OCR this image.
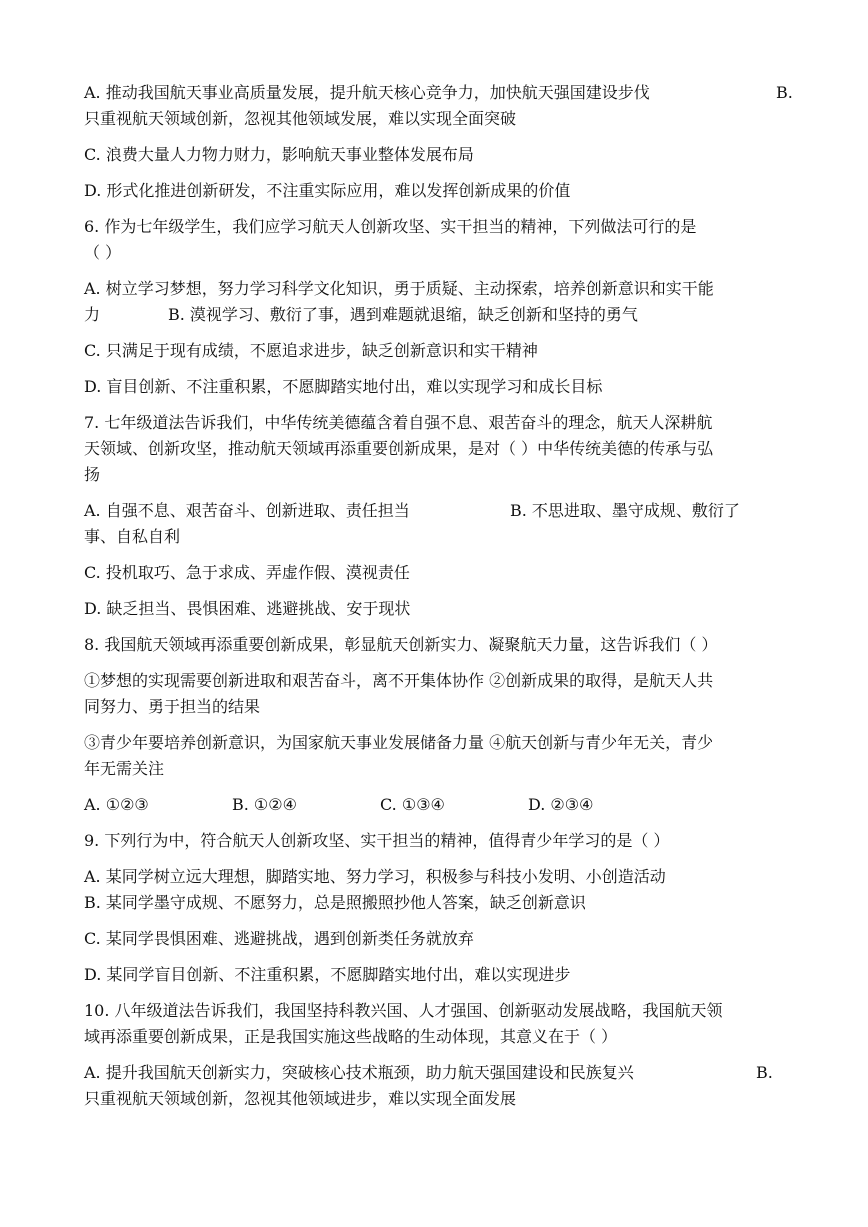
A. 推动我国航天事业高质量发展，提升航天核心竞争力，加快航天强国建设步伐	B.
只重视航天领域创新，忽视其他领域发展，难以实现全面突破
C. 浪费大量人力物力财力，影响航天事业整体发展布局
D. 形式化推进创新研发，不注重实际应用，难以发挥创新成果的价值
6. 作为七年级学生，我们应学习航天人创新攻坚、实干担当的精神，下列做法可行的是
（ ）
A. 树立学习梦想，努力学习科学文化知识，勇于质疑、主动探索，培养创新意识和实干能
力	B. 漠视学习、敷衍了事，遇到难题就退缩，缺乏创新和坚持的勇气
C. 只满足于现有成绩，不愿追求进步，缺乏创新意识和实干精神
D. 盲目创新、不注重积累，不愿脚踏实地付出，难以实现学习和成长目标
7. 七年级道法告诉我们，中华传统美德蕴含着自强不息、艰苦奋斗的理念，航天人深耕航
天领域、创新攻坚，推动航天领域再添重要创新成果，是对（ ）中华传统美德的传承与弘
扬
A. 自强不息、艰苦奋斗、创新进取、责任担当	B. 不思进取、墨守成规、敷衍了
事、自私自利
C. 投机取巧、急于求成、弄虚作假、漠视责任
D. 缺乏担当、畏惧困难、逃避挑战、安于现状
8. 我国航天领域再添重要创新成果，彰显航天创新实力、凝聚航天力量，这告诉我们（ ）
①梦想的实现需要创新进取和艰苦奋斗，离不开集体协作 ②创新成果的取得，是航天人共
同努力、勇于担当的结果
③青少年要培养创新意识，为国家航天事业发展储备力量 ④航天创新与青少年无关，青少
年无需关注
A. ①②③	B. ①②④	C. ①③④	D. ②③④
9. 下列行为中，符合航天人创新攻坚、实干担当的精神，值得青少年学习的是（ ）
A. 某同学树立远大理想，脚踏实地、努力学习，积极参与科技小发明、小创造活动
B. 某同学墨守成规、不愿努力，总是照搬照抄他人答案，缺乏创新意识
C. 某同学畏惧困难、逃避挑战，遇到创新类任务就放弃
D. 某同学盲目创新、不注重积累，不愿脚踏实地付出，难以实现进步
10. 八年级道法告诉我们，我国坚持科教兴国、人才强国、创新驱动发展战略，我国航天领
域再添重要创新成果，正是我国实施这些战略的生动体现，其意义在于（ ）
A. 提升我国航天创新实力，突破核心技术瓶颈，助力航天强国建设和民族复兴	B.
只重视航天领域创新，忽视其他领域进步，难以实现全面发展
